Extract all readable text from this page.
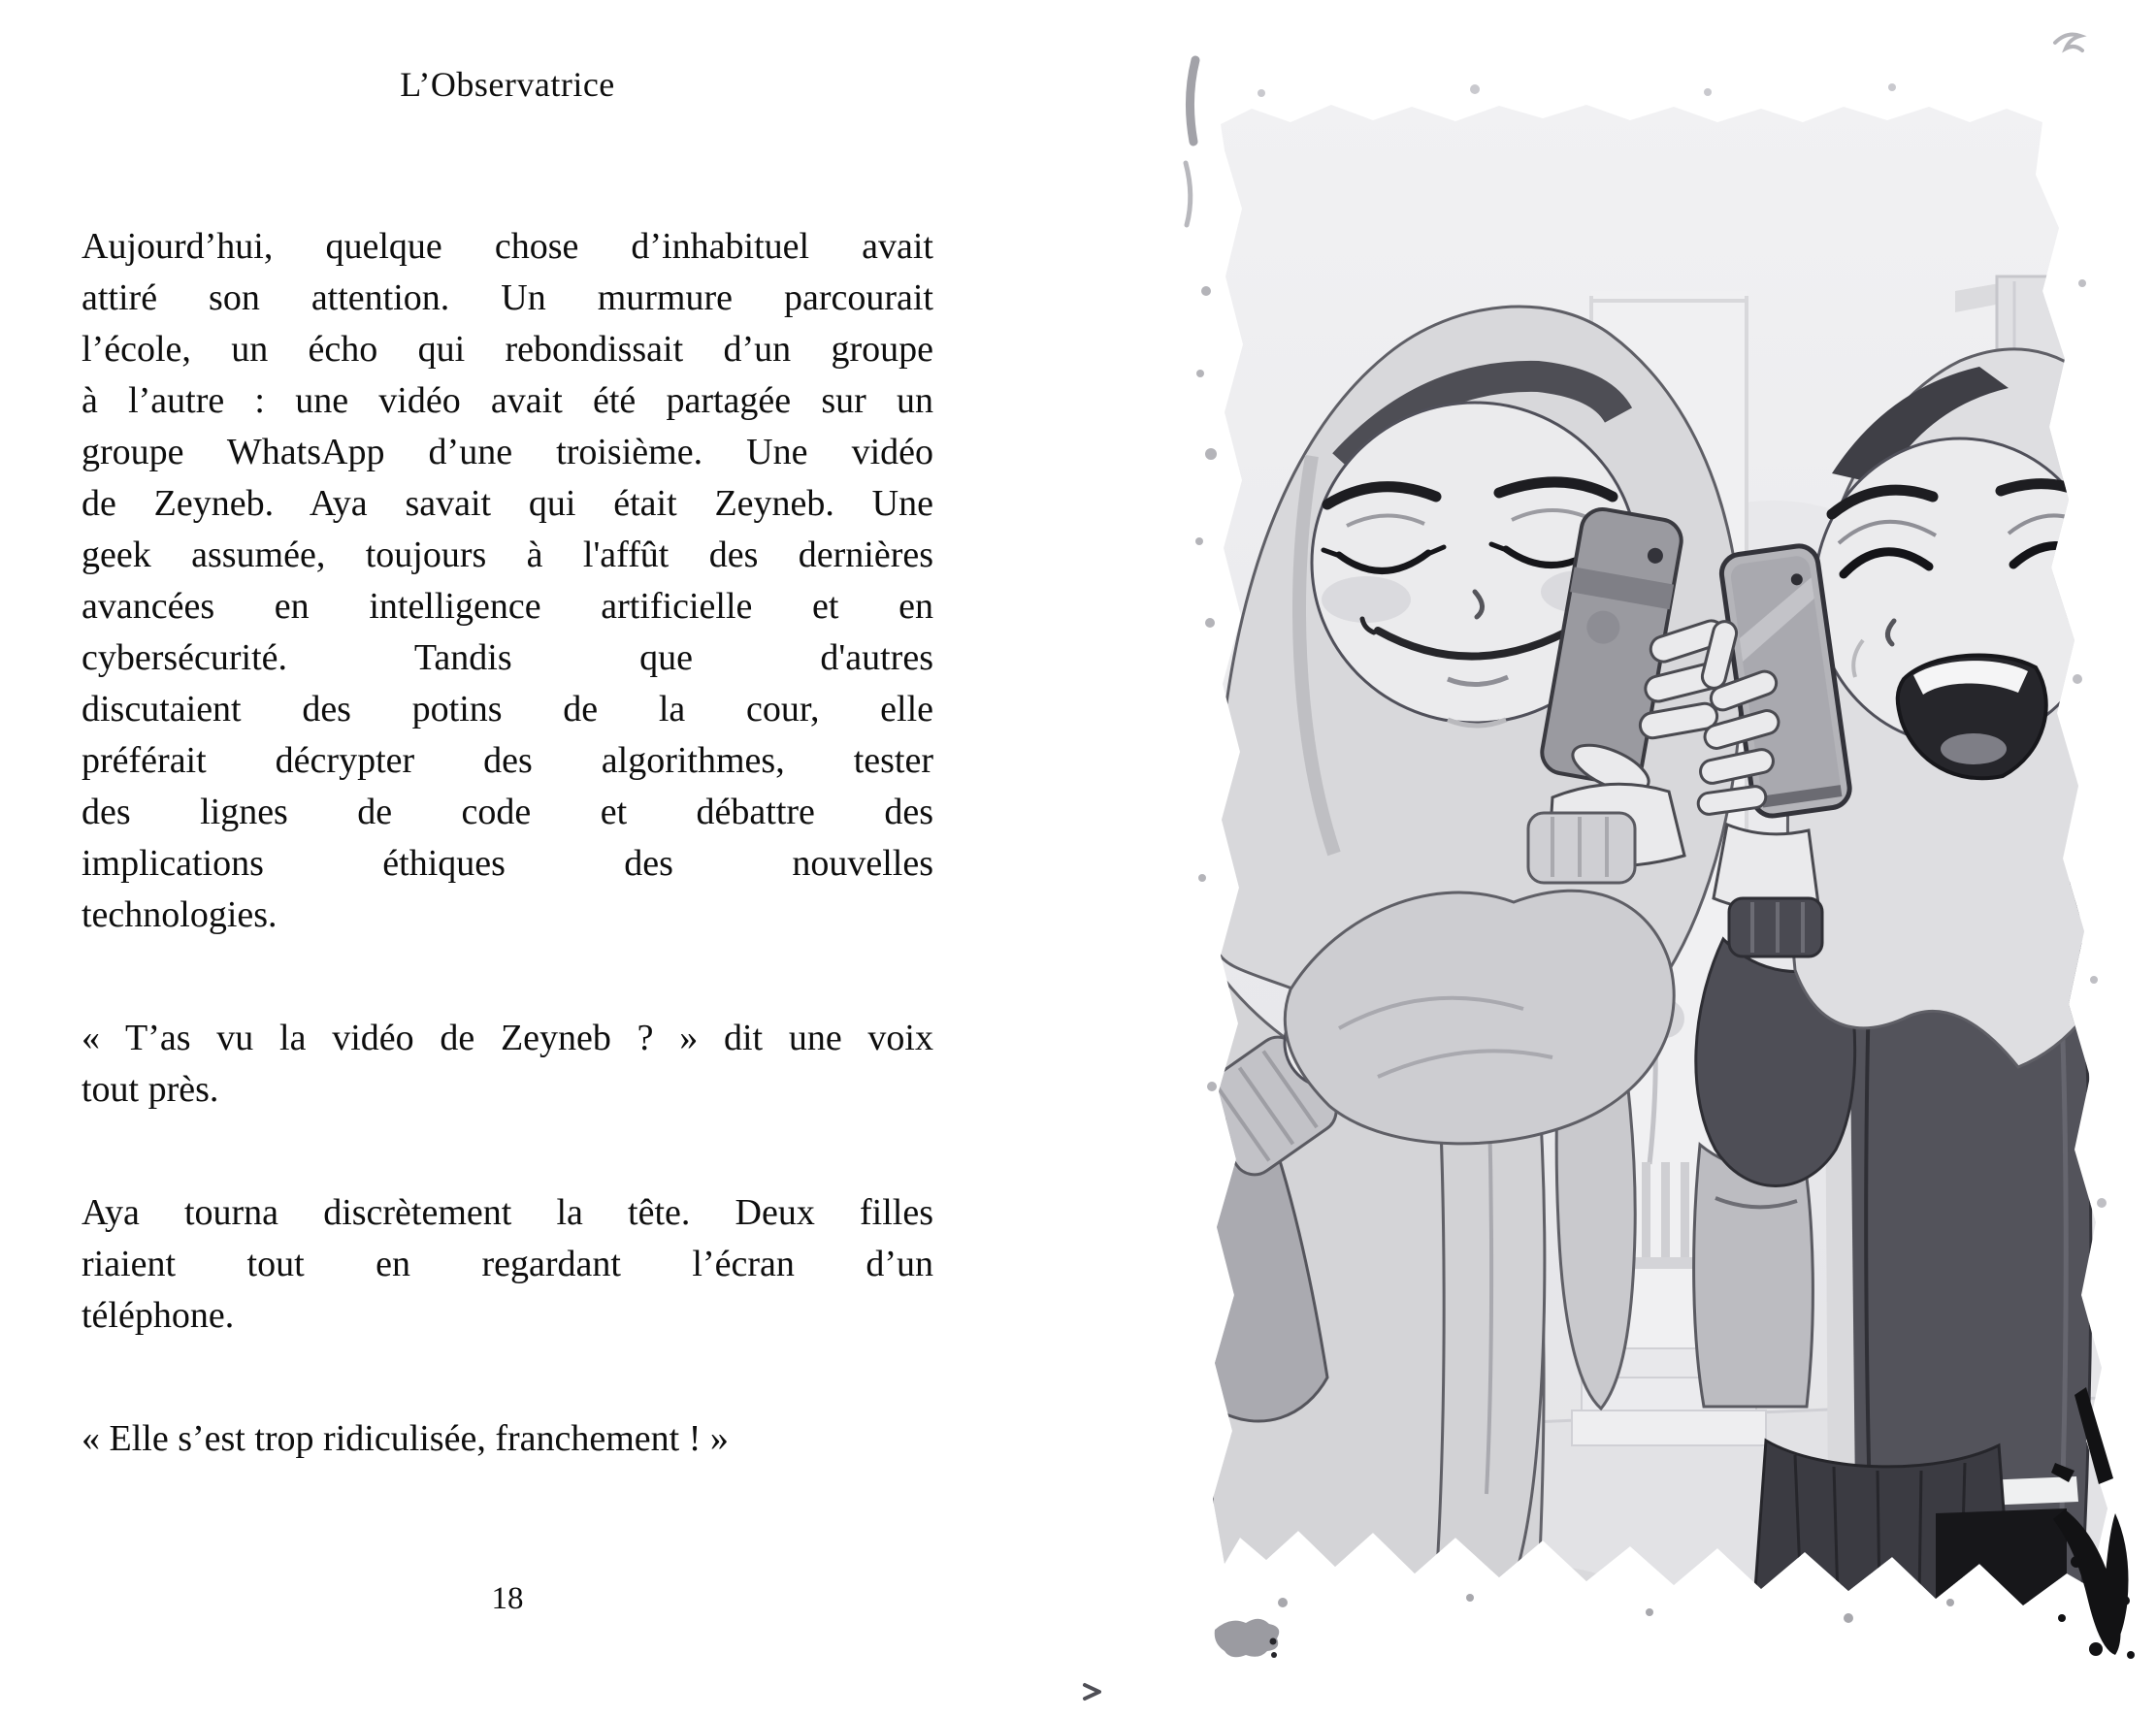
L’Observatrice
Aujourd’hui, quelque chose d’inhabituel avait
attiré son attention. Un murmure parcourait
l’école, un écho qui rebondissait d’un groupe
à l’autre : une vidéo avait été partagée sur un
groupe WhatsApp d’une troisième. Une vidéo
de Zeyneb. Aya savait qui était Zeyneb. Une
geek assumée, toujours à l'affût des dernières
avancées en intelligence artificielle et en
cybersécurité. Tandis que d'autres
discutaient des potins de la cour, elle
préférait décrypter des algorithmes, tester
des lignes de code et débattre des
implications éthiques des nouvelles
technologies.
« T’as vu la vidéo de Zeyneb ? » dit une voix
tout près.
Aya tourna discrètement la tête. Deux filles
riaient tout en regardant l’écran d’un
téléphone.
« Elle s’est trop ridiculisée, franchement ! »
18
